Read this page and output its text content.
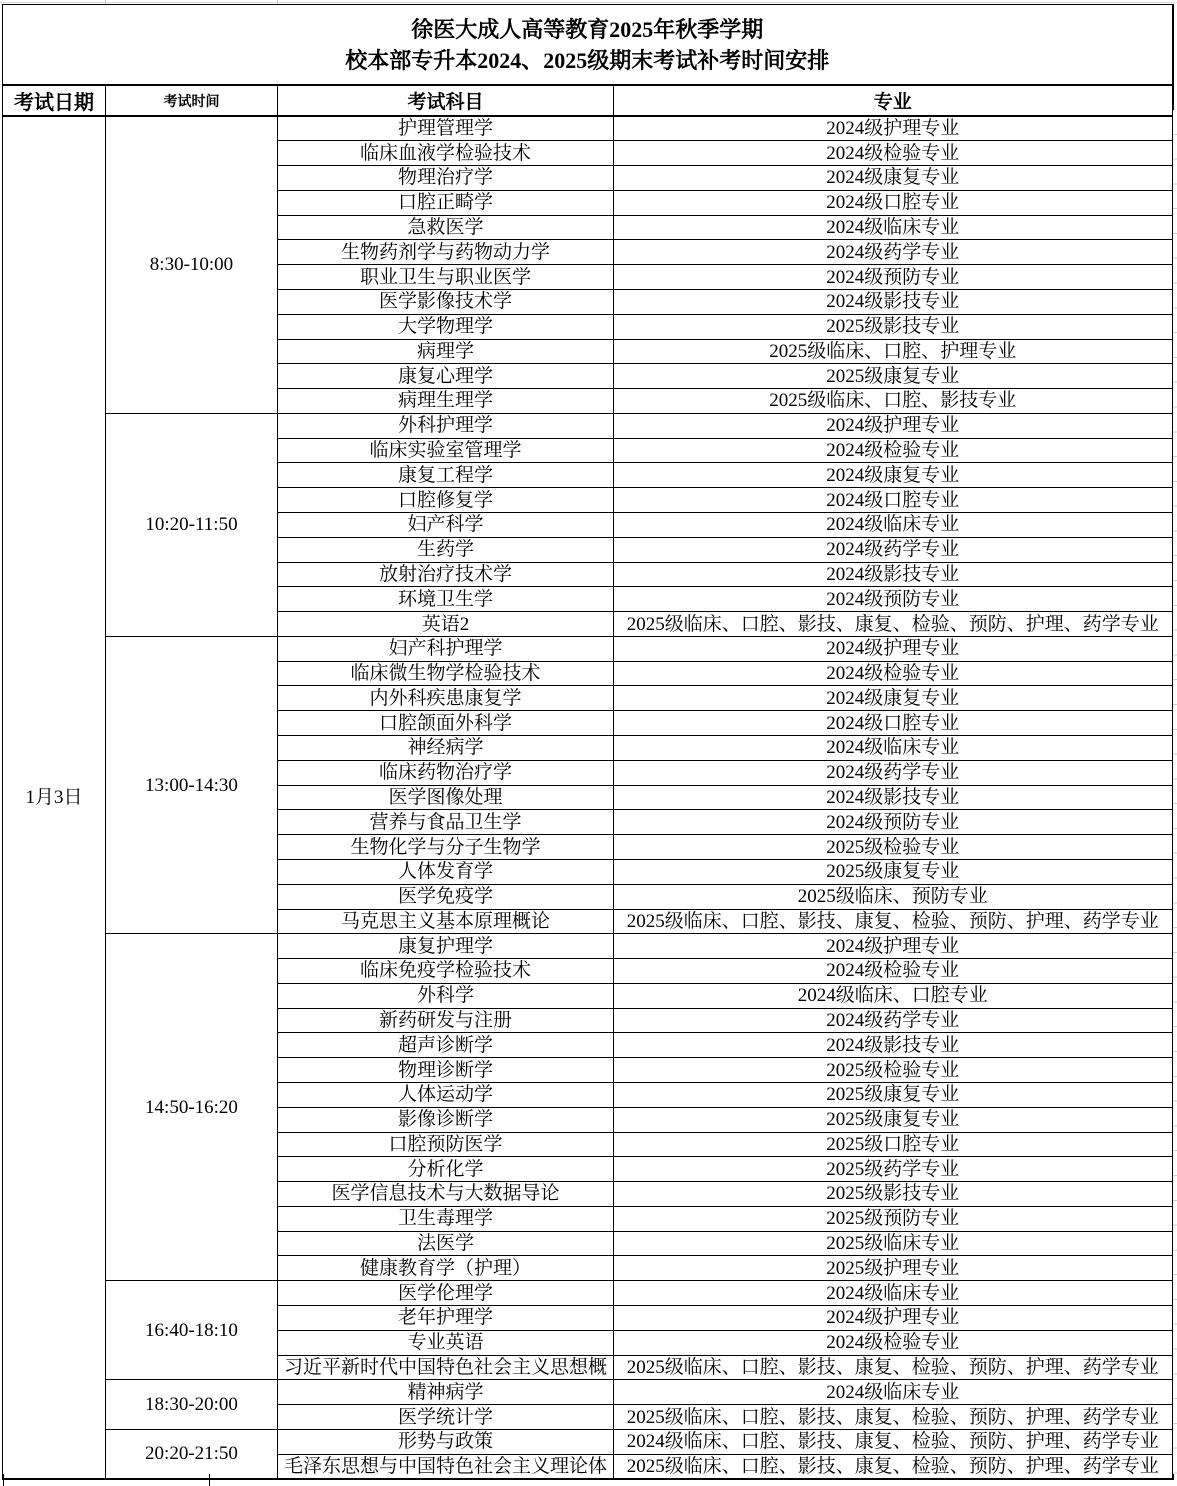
徐医大成人高等教育2025年秋季学期
校本部专升本2024、2025级期末考试补考时间安排			

考试日期	考试时间	考试科目	专业
1月3日	8:30-10:00	护理管理学	2024级护理专业
		临床血液学检验技术	2024级检验专业
		物理治疗学	2024级康复专业
		口腔正畸学	2024级口腔专业
		急救医学	2024级临床专业
		生物药剂学与药物动力学	2024级药学专业
		职业卫生与职业医学	2024级预防专业
		医学影像技术学	2024级影技专业
		大学物理学	2025级影技专业
		病理学	2025级临床、口腔、护理专业
		康复心理学	2025级康复专业
		病理生理学	2025级临床、口腔、影技专业
	10:20-11:50	外科护理学	2024级护理专业
		临床实验室管理学	2024级检验专业
		康复工程学	2024级康复专业
		口腔修复学	2024级口腔专业
		妇产科学	2024级临床专业
		生药学	2024级药学专业
		放射治疗技术学	2024级影技专业
		环境卫生学	2024级预防专业
		英语2	2025级临床、口腔、影技、康复、检验、预防、护理、药学专业
	13:00-14:30	妇产科护理学	2024级护理专业
		临床微生物学检验技术	2024级检验专业
		内外科疾患康复学	2024级康复专业
		口腔颌面外科学	2024级口腔专业
		神经病学	2024级临床专业
		临床药物治疗学	2024级药学专业
		医学图像处理	2024级影技专业
		营养与食品卫生学	2024级预防专业
		生物化学与分子生物学	2025级检验专业
		人体发育学	2025级康复专业
		医学免疫学	2025级临床、预防专业
		马克思主义基本原理概论	2025级临床、口腔、影技、康复、检验、预防、护理、药学专业
	14:50-16:20	康复护理学	2024级护理专业
		临床免疫学检验技术	2024级检验专业
		外科学	2024级临床、口腔专业
		新药研发与注册	2024级药学专业
		超声诊断学	2024级影技专业
		物理诊断学	2025级检验专业
		人体运动学	2025级康复专业
		影像诊断学	2025级康复专业
		口腔预防医学	2025级口腔专业
		分析化学	2025级药学专业
		医学信息技术与大数据导论	2025级影技专业
		卫生毒理学	2025级预防专业
		法医学	2025级临床专业
		健康教育学（护理）	2025级护理专业
	16:40-18:10	医学伦理学	2024级临床专业
		老年护理学	2024级护理专业
		专业英语	2024级检验专业
		习近平新时代中国特色社会主义思想概	2025级临床、口腔、影技、康复、检验、预防、护理、药学专业
	18:30-20:00	精神病学	2024级临床专业
		医学统计学	2025级临床、口腔、影技、康复、检验、预防、护理、药学专业
	20:20-21:50	形势与政策	2024级临床、口腔、影技、康复、检验、预防、护理、药学专业
		毛泽东思想与中国特色社会主义理论体	2025级临床、口腔、影技、康复、检验、预防、护理、药学专业
